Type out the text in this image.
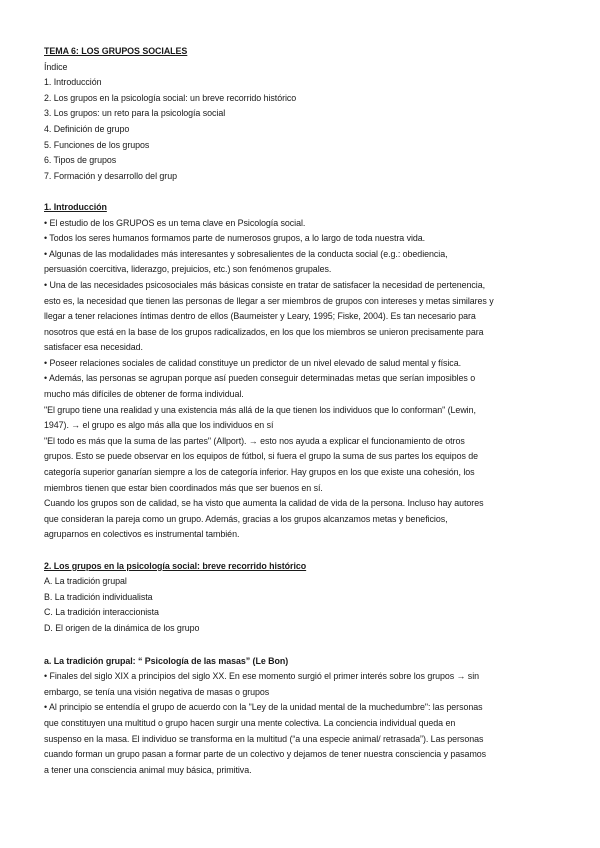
TEMA 6: LOS GRUPOS SOCIALES
Índice
1. Introducción
2. Los grupos en la psicología social: un breve recorrido histórico
3. Los grupos: un reto para la psicología social
4. Definición de grupo
5. Funciones de los grupos
6. Tipos de grupos
7. Formación y desarrollo del grup
1. Introducción
• El estudio de los GRUPOS es un tema clave en Psicología social.
• Todos los seres humanos formamos parte de numerosos grupos, a lo largo de toda nuestra vida.
• Algunas de las modalidades más interesantes y sobresalientes de la conducta social (e.g.: obediencia,
persuasión coercitiva, liderazgo, prejuicios, etc.) son fenómenos grupales.
• Una de las necesidades psicosociales más básicas consiste en tratar de satisfacer la necesidad de pertenencia,
esto es, la necesidad que tienen las personas de llegar a ser miembros de grupos con intereses y metas similares y
llegar a tener relaciones íntimas dentro de ellos (Baumeister y Leary, 1995; Fiske, 2004). Es tan necesario para
nosotros que está en la base de los grupos radicalizados, en los que los miembros se unieron precisamente para
satisfacer esa necesidad.
• Poseer relaciones sociales de calidad constituye un predictor de un nivel elevado de salud mental y física.
• Además, las personas se agrupan porque así pueden conseguir determinadas metas que serían imposibles o
mucho más difíciles de obtener de forma individual.
"El grupo tiene una realidad y una existencia más allá de la que tienen los individuos que lo conforman" (Lewin,
1947). → el grupo es algo más alla que los individuos en sí
"El todo es más que la suma de las partes" (Allport). → esto nos ayuda a explicar el funcionamiento de otros
grupos. Esto se puede observar en los equipos de fútbol, si fuera el grupo la suma de sus partes los equipos de
categoría superior ganarían siempre a los de categoría inferior. Hay grupos en los que existe una cohesión, los
miembros tienen que estar bien coordinados más que ser buenos en sí.
Cuando los grupos son de calidad, se ha visto que aumenta la calidad de vida de la persona. Incluso hay autores
que consideran la pareja como un grupo. Además, gracias a los grupos alcanzamos metas y beneficios,
agruparnos en colectivos es instrumental también.
2. Los grupos en la psicología social: breve recorrido histórico
A. La tradición grupal
B. La tradición individualista
C. La tradición interaccionista
D. El origen de la dinámica de los grupo
a. La tradición grupal: “ Psicología de las masas” (Le Bon)
• Finales del siglo XIX a principios del siglo XX. En ese momento surgió el primer interés sobre los grupos → sin
embargo, se tenía una visión negativa de masas o grupos
• Al principio se entendía el grupo de acuerdo con la "Ley de la unidad mental de la muchedumbre": las personas
que constituyen una multitud o grupo hacen surgir una mente colectiva. La conciencia individual queda en
suspenso en la masa. El individuo se transforma en la multitud (“a una especie animal/ retrasada”). Las personas
cuando forman un grupo pasan a formar parte de un colectivo y dejamos de tener nuestra consciencia y pasamos
a tener una consciencia animal muy básica, primitiva.
